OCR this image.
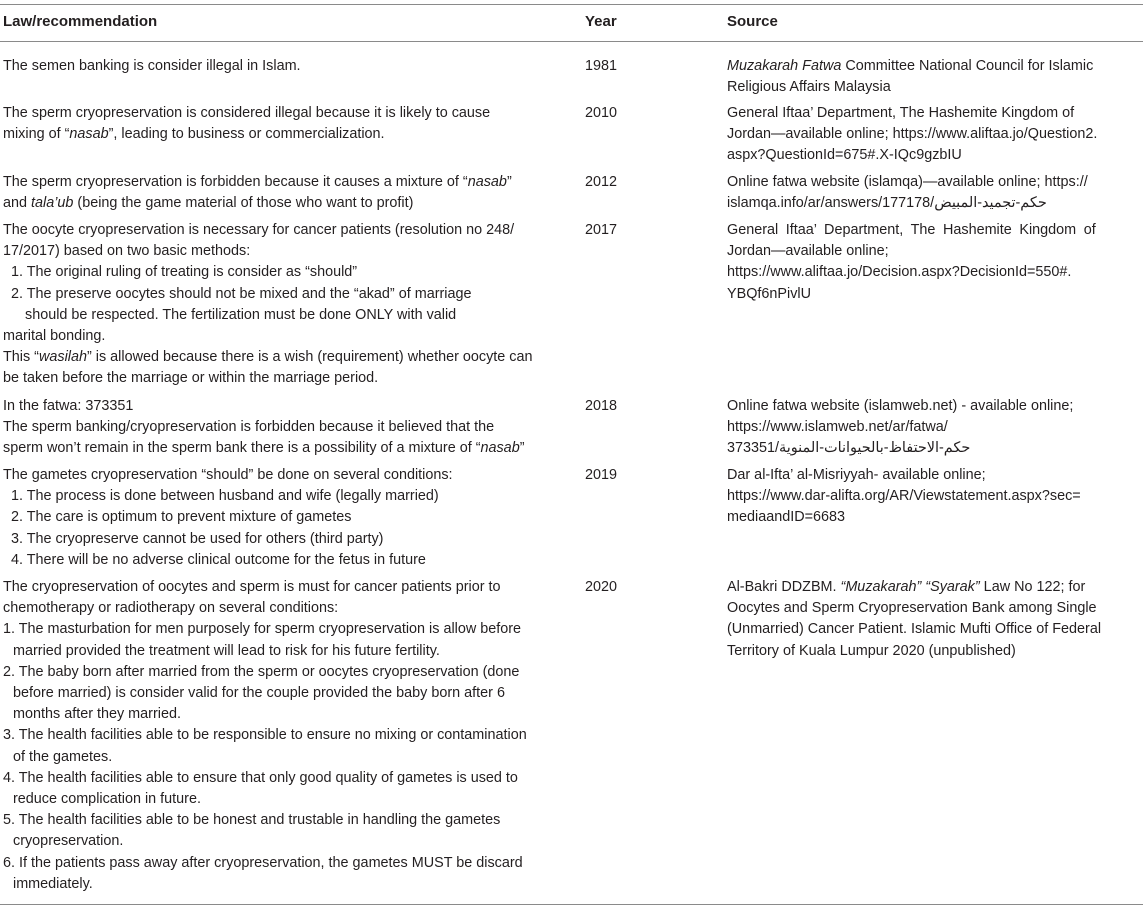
Law/recommendation	Year	Source
The semen banking is consider illegal in Islam.	1981	Muzakarah Fatwa Committee National Council for Islamic
Religious Affairs Malaysia
The sperm cryopreservation is considered illegal because it is likely to cause
mixing of “nasab”, leading to business or commercialization.
2010	General Iftaa’ Department, The Hashemite Kingdom of
Jordan—available online; https://www.aliftaa.jo/Question2.
aspx?QuestionId=675#.X-IQc9gzbIU
The sperm cryopreservation is forbidden because it causes a mixture of “nasab”
and tala’ub (being the game material of those who want to profit)
2012	Online fatwa website (islamqa)—available online; https://
islamqa.info/ar/answers/177178/حكم-تجميد-المبيض
The oocyte cryopreservation is necessary for cancer patients (resolution no 248/
17/2017) based on two basic methods:
1. The original ruling of treating is consider as “should”
2. The preserve oocytes should not be mixed and the “akad” of marriage
should be respected. The fertilization must be done ONLY with valid
marital bonding.
This “wasilah” is allowed because there is a wish (requirement) whether oocyte can
be taken before the marriage or within the marriage period.
2017	General Iftaa’ Department, The Hashemite Kingdom of
Jordan—available online;
https://www.aliftaa.jo/Decision.aspx?DecisionId=550#.
YBQf6nPivlU
In the fatwa: 373351
The sperm banking/cryopreservation is forbidden because it believed that the
sperm won’t remain in the sperm bank there is a possibility of a mixture of “nasab”
2018	Online fatwa website (islamweb.net) - available online;
https://www.islamweb.net/ar/fatwa/
373351/حكم-الاحتفاظ-بالحيوانات-المنوية
The gametes cryopreservation “should” be done on several conditions:
1. The process is done between husband and wife (legally married)
2. The care is optimum to prevent mixture of gametes
3. The cryopreserve cannot be used for others (third party)
4. There will be no adverse clinical outcome for the fetus in future
2019	Dar al-Ifta’ al-Misriyyah- available online;
https://www.dar-alifta.org/AR/Viewstatement.aspx?sec=
mediaandID=6683
The cryopreservation of oocytes and sperm is must for cancer patients prior to
chemotherapy or radiotherapy on several conditions:
1. The masturbation for men purposely for sperm cryopreservation is allow before
married provided the treatment will lead to risk for his future fertility.
2. The baby born after married from the sperm or oocytes cryopreservation (done
before married) is consider valid for the couple provided the baby born after 6
months after they married.
3. The health facilities able to be responsible to ensure no mixing or contamination
of the gametes.
4. The health facilities able to ensure that only good quality of gametes is used to
reduce complication in future.
5. The health facilities able to be honest and trustable in handling the gametes
cryopreservation.
6. If the patients pass away after cryopreservation, the gametes MUST be discard
immediately.
2020	Al-Bakri DDZBM. “Muzakarah” “Syarak” Law No 122; for
Oocytes and Sperm Cryopreservation Bank among Single
(Unmarried) Cancer Patient. Islamic Mufti Office of Federal
Territory of Kuala Lumpur 2020 (unpublished)
